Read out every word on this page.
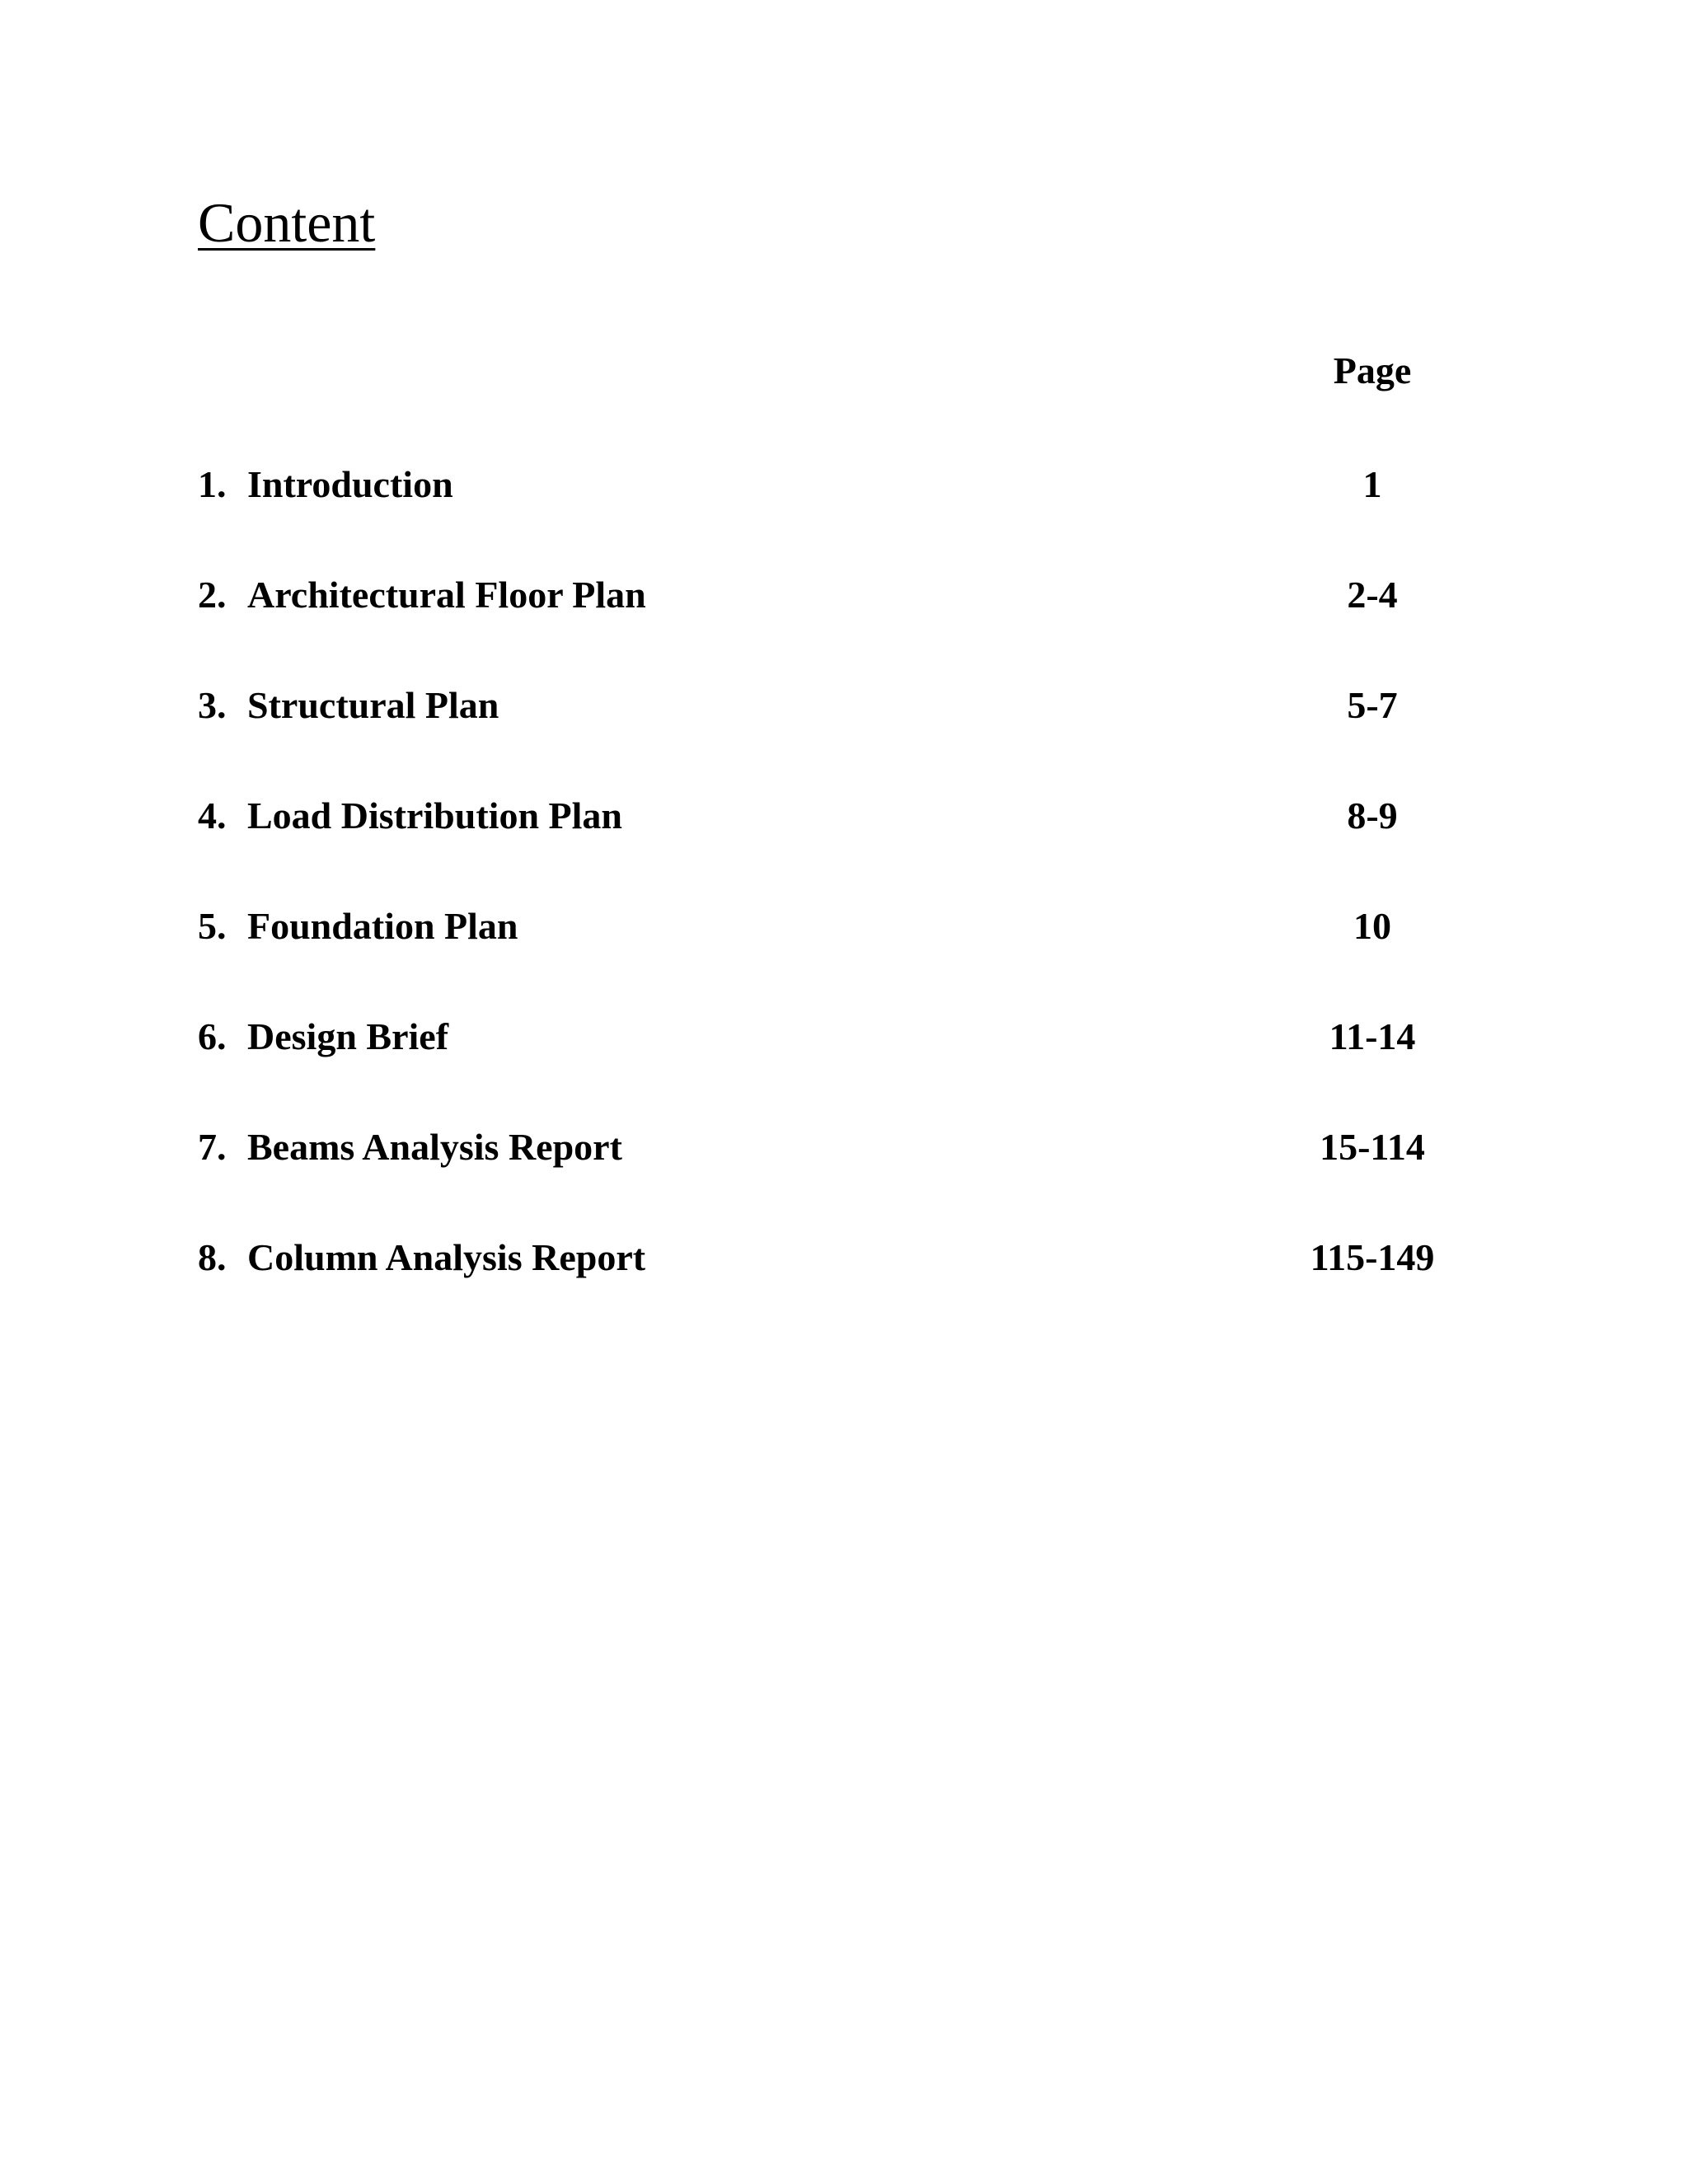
Content
Page
1. Introduction	1
2. Architectural Floor Plan	2-4
3. Structural Plan	5-7
4. Load Distribution Plan	8-9
5. Foundation Plan	10
6. Design Brief	11-14
7. Beams Analysis Report	15-114
8. Column Analysis Report	115-149
